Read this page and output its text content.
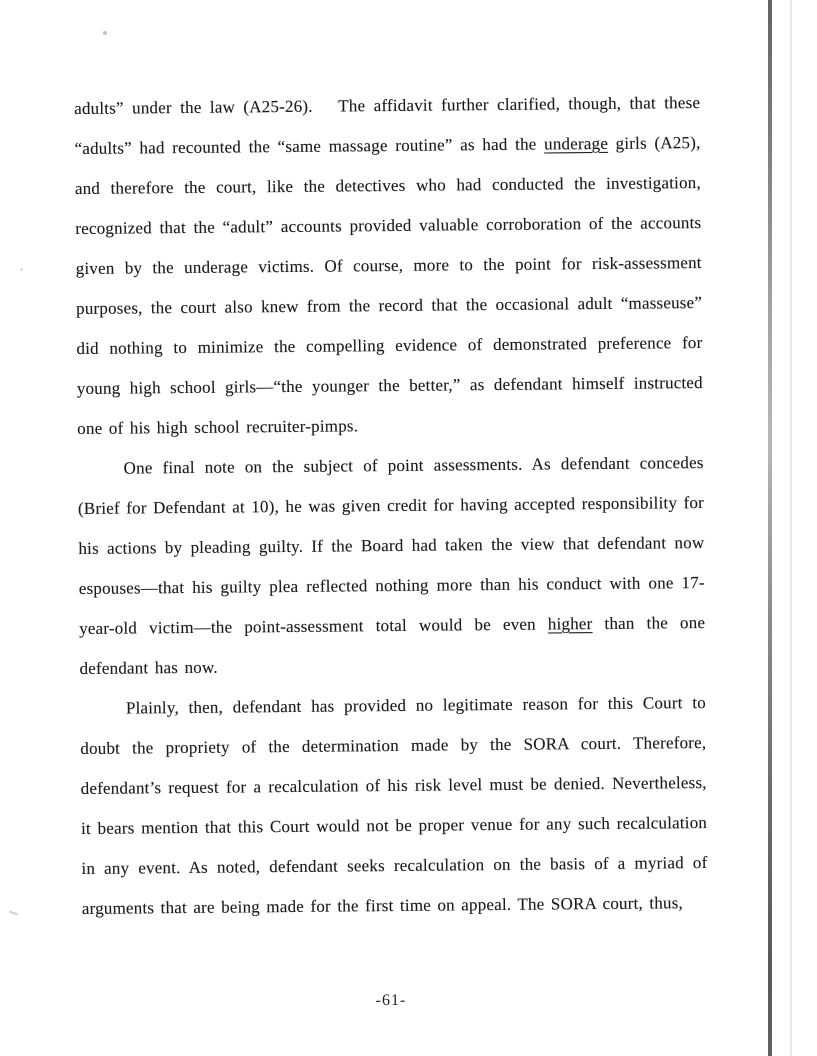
adults” under the law (A25-26).  The affidavit further clarified, though, that these “adults” had recounted the “same massage routine” as had the underage girls (A25), and therefore the court, like the detectives who had conducted the investigation, recognized that the “adult” accounts provided valuable corroboration of the accounts given by the underage victims. Of course, more to the point for risk-assessment purposes, the court also knew from the record that the occasional adult “masseuse” did nothing to minimize the compelling evidence of demonstrated preference for young high school girls—“the younger the better,” as defendant himself instructed one of his high school recruiter-pimps.

One final note on the subject of point assessments. As defendant concedes (Brief for Defendant at 10), he was given credit for having accepted responsibility for his actions by pleading guilty. If the Board had taken the view that defendant now espouses—that his guilty plea reflected nothing more than his conduct with one 17-year-old victim—the point-assessment total would be even higher than the one defendant has now.

Plainly, then, defendant has provided no legitimate reason for this Court to doubt the propriety of the determination made by the SORA court. Therefore, defendant’s request for a recalculation of his risk level must be denied. Nevertheless, it bears mention that this Court would not be proper venue for any such recalculation in any event. As noted, defendant seeks recalculation on the basis of a myriad of arguments that are being made for the first time on appeal. The SORA court, thus,

-61-
